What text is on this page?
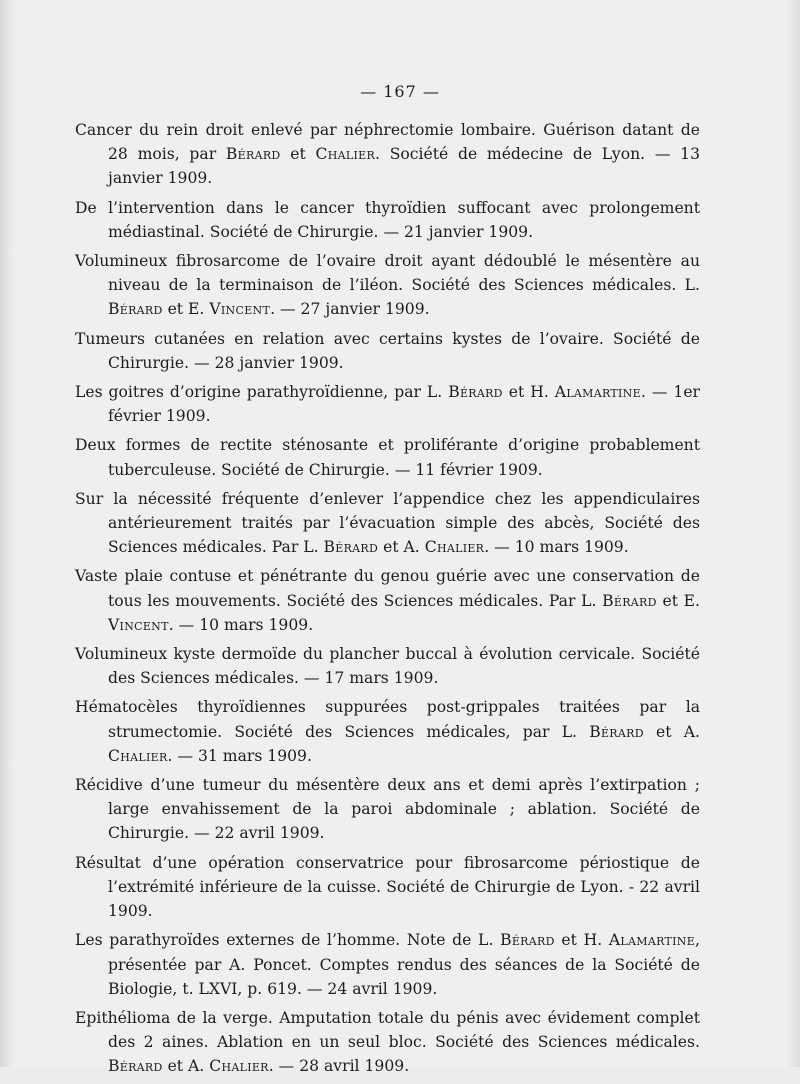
— 167 —

Cancer du rein droit enlevé par néphrectomie lombaire. Guérison datant de 28 mois, par Bérard et Chalier. Société de médecine de Lyon. — 13 janvier 1909.

De l’intervention dans le cancer thyroïdien suffocant avec prolongement médiastinal. Société de Chirurgie. — 21 janvier 1909.

Volumineux fibrosarcome de l’ovaire droit ayant dédoublé le mésentère au niveau de la terminaison de l’iléon. Société des Sciences médicales. L. Bérard et E. Vincent. — 27 janvier 1909.

Tumeurs cutanées en relation avec certains kystes de l’ovaire. Société de Chirurgie. — 28 janvier 1909.

Les goitres d’origine parathyroïdienne, par L. Bérard et H. Alamartine. — 1er février 1909.

Deux formes de rectite sténosante et proliférante d’origine probablement tuberculeuse. Société de Chirurgie. — 11 février 1909.

Sur la nécessité fréquente d’enlever l’appendice chez les appendiculaires antérieurement traités par l’évacuation simple des abcès, Société des Sciences médicales. Par L. Bérard et A. Chalier. — 10 mars 1909.

Vaste plaie contuse et pénétrante du genou guérie avec une conservation de tous les mouvements. Société des Sciences médicales. Par L. Bérard et E. Vincent. — 10 mars 1909.

Volumineux kyste dermoïde du plancher buccal à évolution cervicale. Société des Sciences médicales. — 17 mars 1909.

Hématocèles thyroïdiennes suppurées post-grippales traitées par la strumectomie. Société des Sciences médicales, par L. Bérard et A. Chalier. — 31 mars 1909.

Récidive d’une tumeur du mésentère deux ans et demi après l’extirpation ; large envahissement de la paroi abdominale ; ablation. Société de Chirurgie. — 22 avril 1909.

Résultat d’une opération conservatrice pour fibrosarcome périostique de l’extrémité inférieure de la cuisse. Société de Chirurgie de Lyon. - 22 avril 1909.

Les parathyroïdes externes de l’homme. Note de L. Bérard et H. Alamartine, présentée par A. Poncet. Comptes rendus des séances de la Société de Biologie, t. LXVI, p. 619. — 24 avril 1909.

Epithélioma de la verge. Amputation totale du pénis avec évidement complet des 2 aines. Ablation en un seul bloc. Société des Sciences médicales. Bérard et A. Chalier. — 28 avril 1909.
